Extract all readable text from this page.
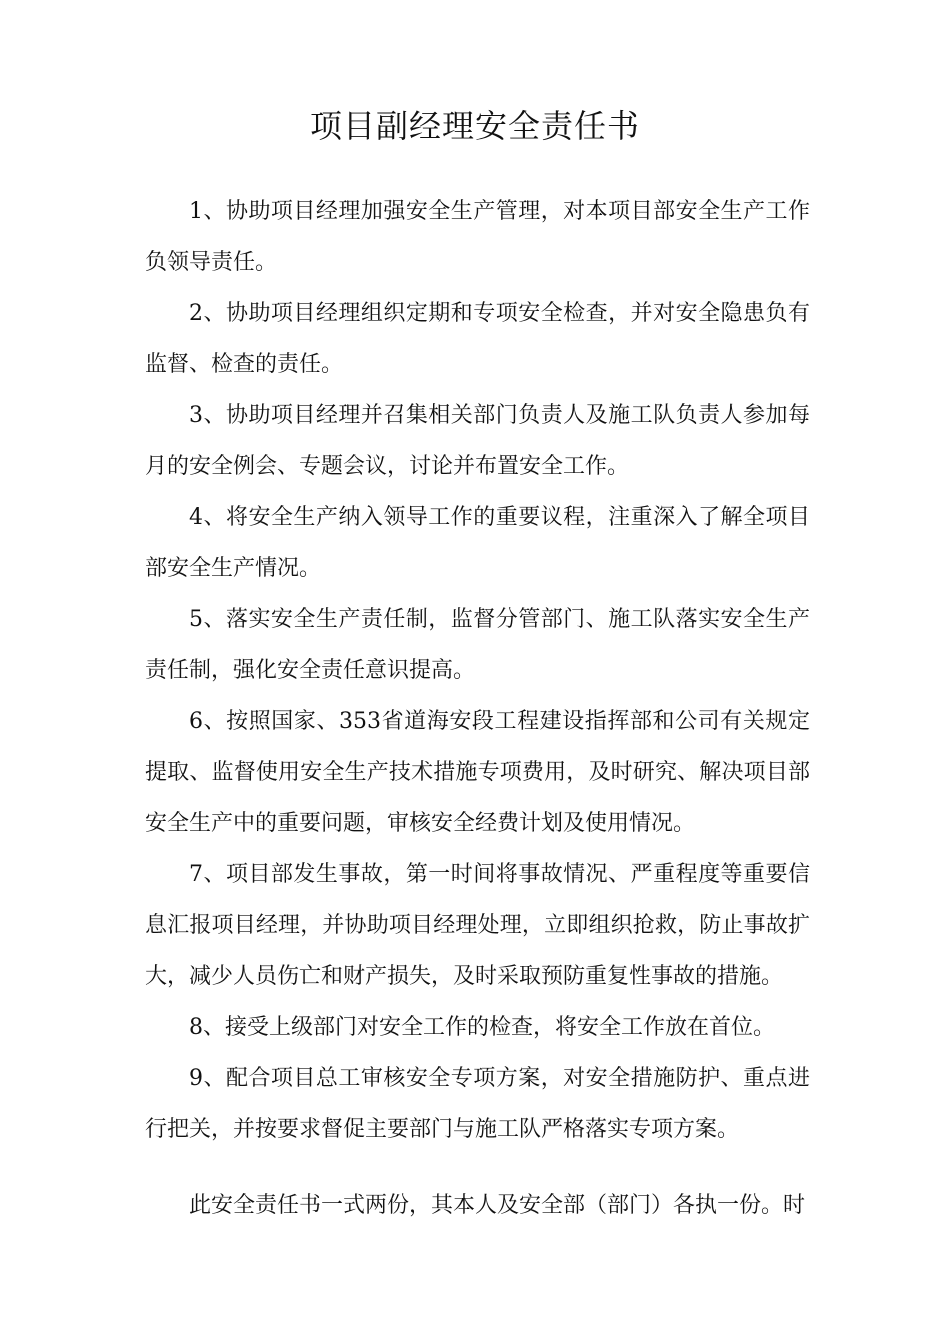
项目副经理安全责任书

1、协助项目经理加强安全生产管理，对本项目部安全生产工作负领导责任。

2、协助项目经理组织定期和专项安全检查，并对安全隐患负有监督、检查的责任。

3、协助项目经理并召集相关部门负责人及施工队负责人参加每月的安全例会、专题会议，讨论并布置安全工作。

4、将安全生产纳入领导工作的重要议程，注重深入了解全项目部安全生产情况。

5、落实安全生产责任制，监督分管部门、施工队落实安全生产责任制，强化安全责任意识提高。

6、按照国家、353省道海安段工程建设指挥部和公司有关规定提取、监督使用安全生产技术措施专项费用，及时研究、解决项目部安全生产中的重要问题，审核安全经费计划及使用情况。

7、项目部发生事故，第一时间将事故情况、严重程度等重要信息汇报项目经理，并协助项目经理处理，立即组织抢救，防止事故扩大，减少人员伤亡和财产损失，及时采取预防重复性事故的措施。

8、接受上级部门对安全工作的检查，将安全工作放在首位。

9、配合项目总工审核安全专项方案，对安全措施防护、重点进行把关，并按要求督促主要部门与施工队严格落实专项方案。

此安全责任书一式两份，其本人及安全部（部门）各执一份。时
